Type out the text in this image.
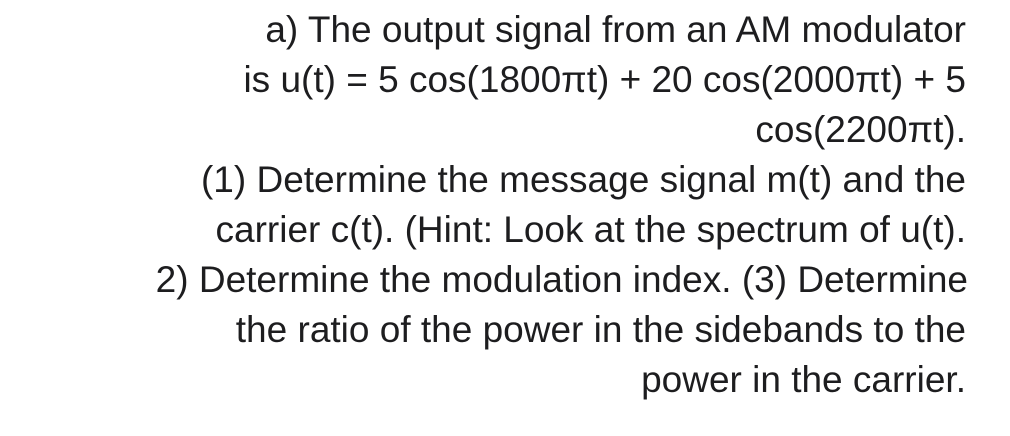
a) The output signal from an AM modulator
is u(t) = 5 cos(1800πt) + 20 cos(2000πt) + 5
cos(2200πt).
(1) Determine the message signal m(t) and the
carrier c(t). (Hint: Look at the spectrum of u(t).
2) Determine the modulation index. (3) Determine
the ratio of the power in the sidebands to the
power in the carrier.
